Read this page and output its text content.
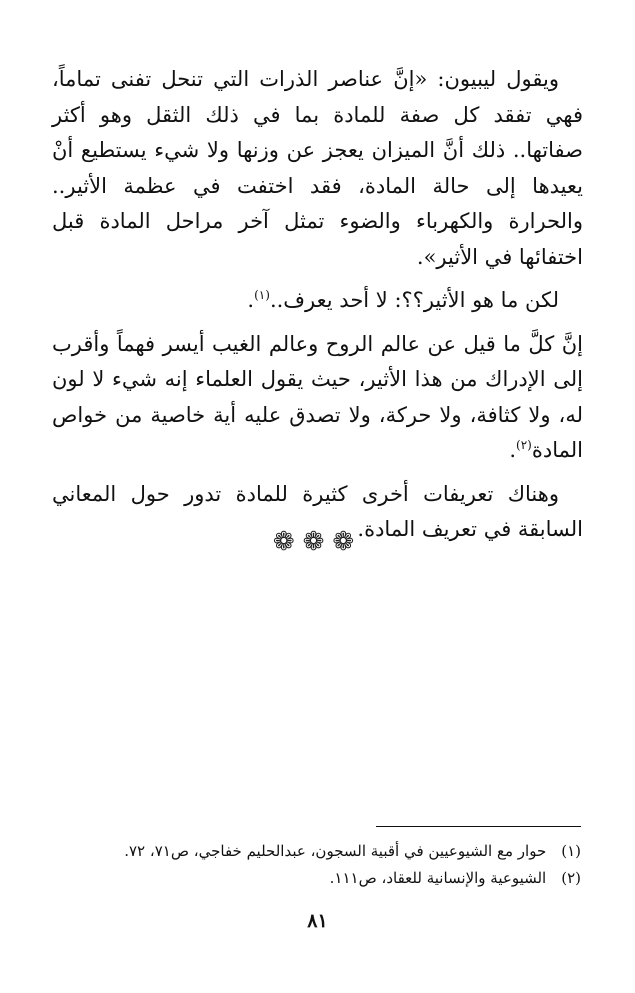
ويقول ليبيون: «إنَّ عناصر الذرات التي تنحل تفنى تماماً، فهي تفقد كل صفة للمادة بما في ذلك الثقل وهو أكثر صفاتها.. ذلك أنَّ الميزان يعجز عن وزنها ولا شيء يستطيع أنْ يعيدها إلى حالة المادة، فقد اختفت في عظمة الأثير.. والحرارة والكهرباء والضوء تمثل آخر مراحل المادة قبل اختفائها في الأثير».

لكن ما هو الأثير؟؟: لا أحد يعرف..$^{(١)}$.

إنَّ كلَّ ما قيل عن عالم الروح وعالم الغيب أيسر فهماً وأقرب إلى الإدراك من هذا الأثير، حيث يقول العلماء إنه شيء لا لون له، ولا كثافة، ولا حركة، ولا تصدق عليه أية خاصية من خواص المادة$^{(٢)}$.

وهناك تعريفات أخرى كثيرة للمادة تدور حول المعاني السابقة في تعريف المادة.

❁❁❁
(١) حوار مع الشيوعيين في أقبية السجون، عبدالحليم خفاجي، ص٧١، ٧٢.
(٢) الشيوعية والإنسانية للعقاد، ص١١١.
٨١
